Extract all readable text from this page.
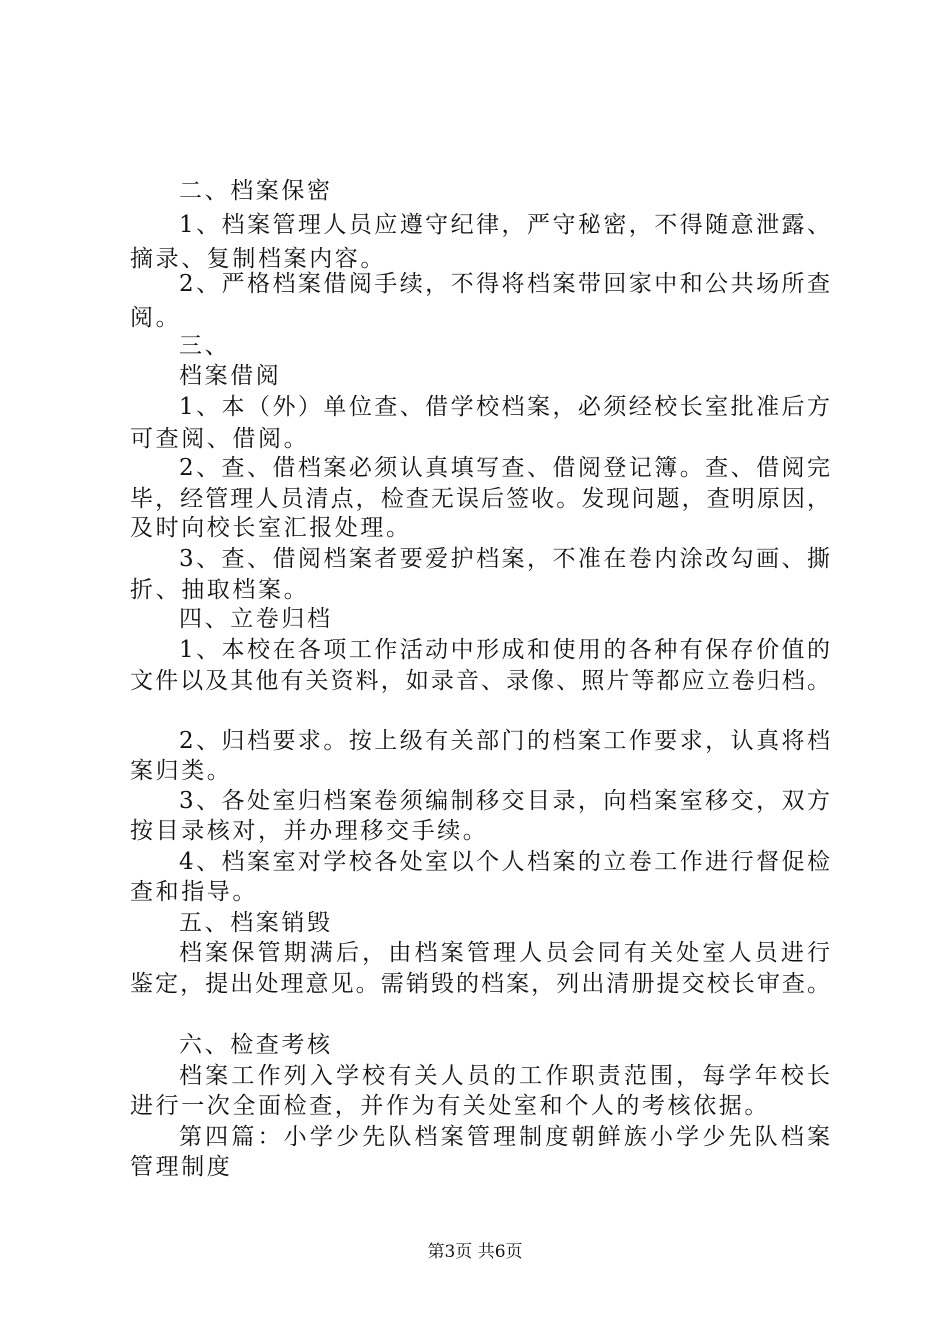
二、档案保密
1、档案管理人员应遵守纪律，严守秘密，不得随意泄露、
摘录、复制档案内容。
2、严格档案借阅手续，不得将档案带回家中和公共场所查
阅。
三、
档案借阅
1、本（外）单位查、借学校档案，必须经校长室批准后方
可查阅、借阅。
2、查、借档案必须认真填写查、借阅登记簿。查、借阅完
毕，经管理人员清点，检查无误后签收。发现问题，查明原因，
及时向校长室汇报处理。
3、查、借阅档案者要爱护档案，不准在卷内涂改勾画、撕
折、抽取档案。
四、立卷归档
1、本校在各项工作活动中形成和使用的各种有保存价值的
文件以及其他有关资料，如录音、录像、照片等都应立卷归档。
2、归档要求。按上级有关部门的档案工作要求，认真将档
案归类。
3、各处室归档案卷须编制移交目录，向档案室移交，双方
按目录核对，并办理移交手续。
4、档案室对学校各处室以个人档案的立卷工作进行督促检
查和指导。
五、档案销毁
档案保管期满后，由档案管理人员会同有关处室人员进行
鉴定，提出处理意见。需销毁的档案，列出清册提交校长审查。
六、检查考核
档案工作列入学校有关人员的工作职责范围，每学年校长
进行一次全面检查，并作为有关处室和个人的考核依据。
第四篇：小学少先队档案管理制度朝鲜族小学少先队档案
管理制度
第3页 共6页
